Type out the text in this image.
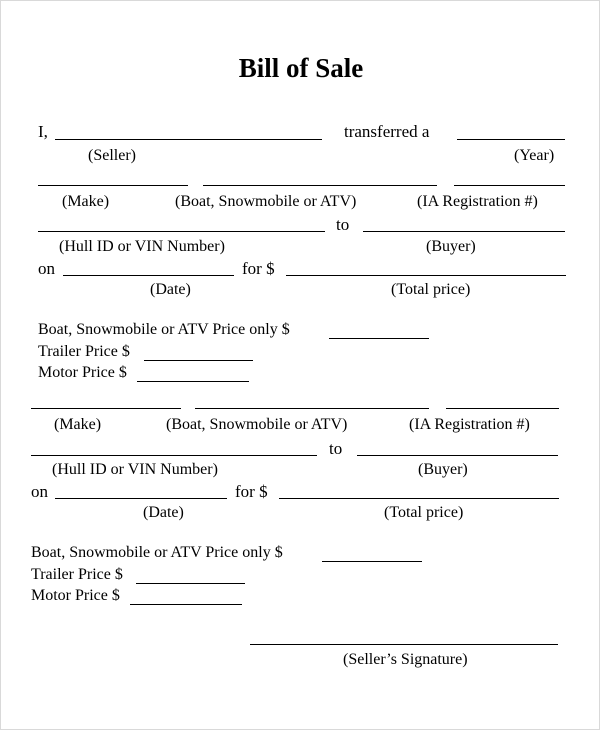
Bill of Sale
I,	transferred a
(Seller)	(Year)
(Make)	(Boat, Snowmobile or ATV)	(IA Registration #)
to
(Hull ID or VIN Number)	(Buyer)
on	for $
(Date)	(Total price)
Boat, Snowmobile or ATV Price only $
Trailer Price $
Motor Price $
(Make)	(Boat, Snowmobile or ATV)	(IA Registration #)
to
(Hull ID or VIN Number)	(Buyer)
on	for $
(Date)	(Total price)
Boat, Snowmobile or ATV Price only $
Trailer Price $
Motor Price $
(Seller’s Signature)
